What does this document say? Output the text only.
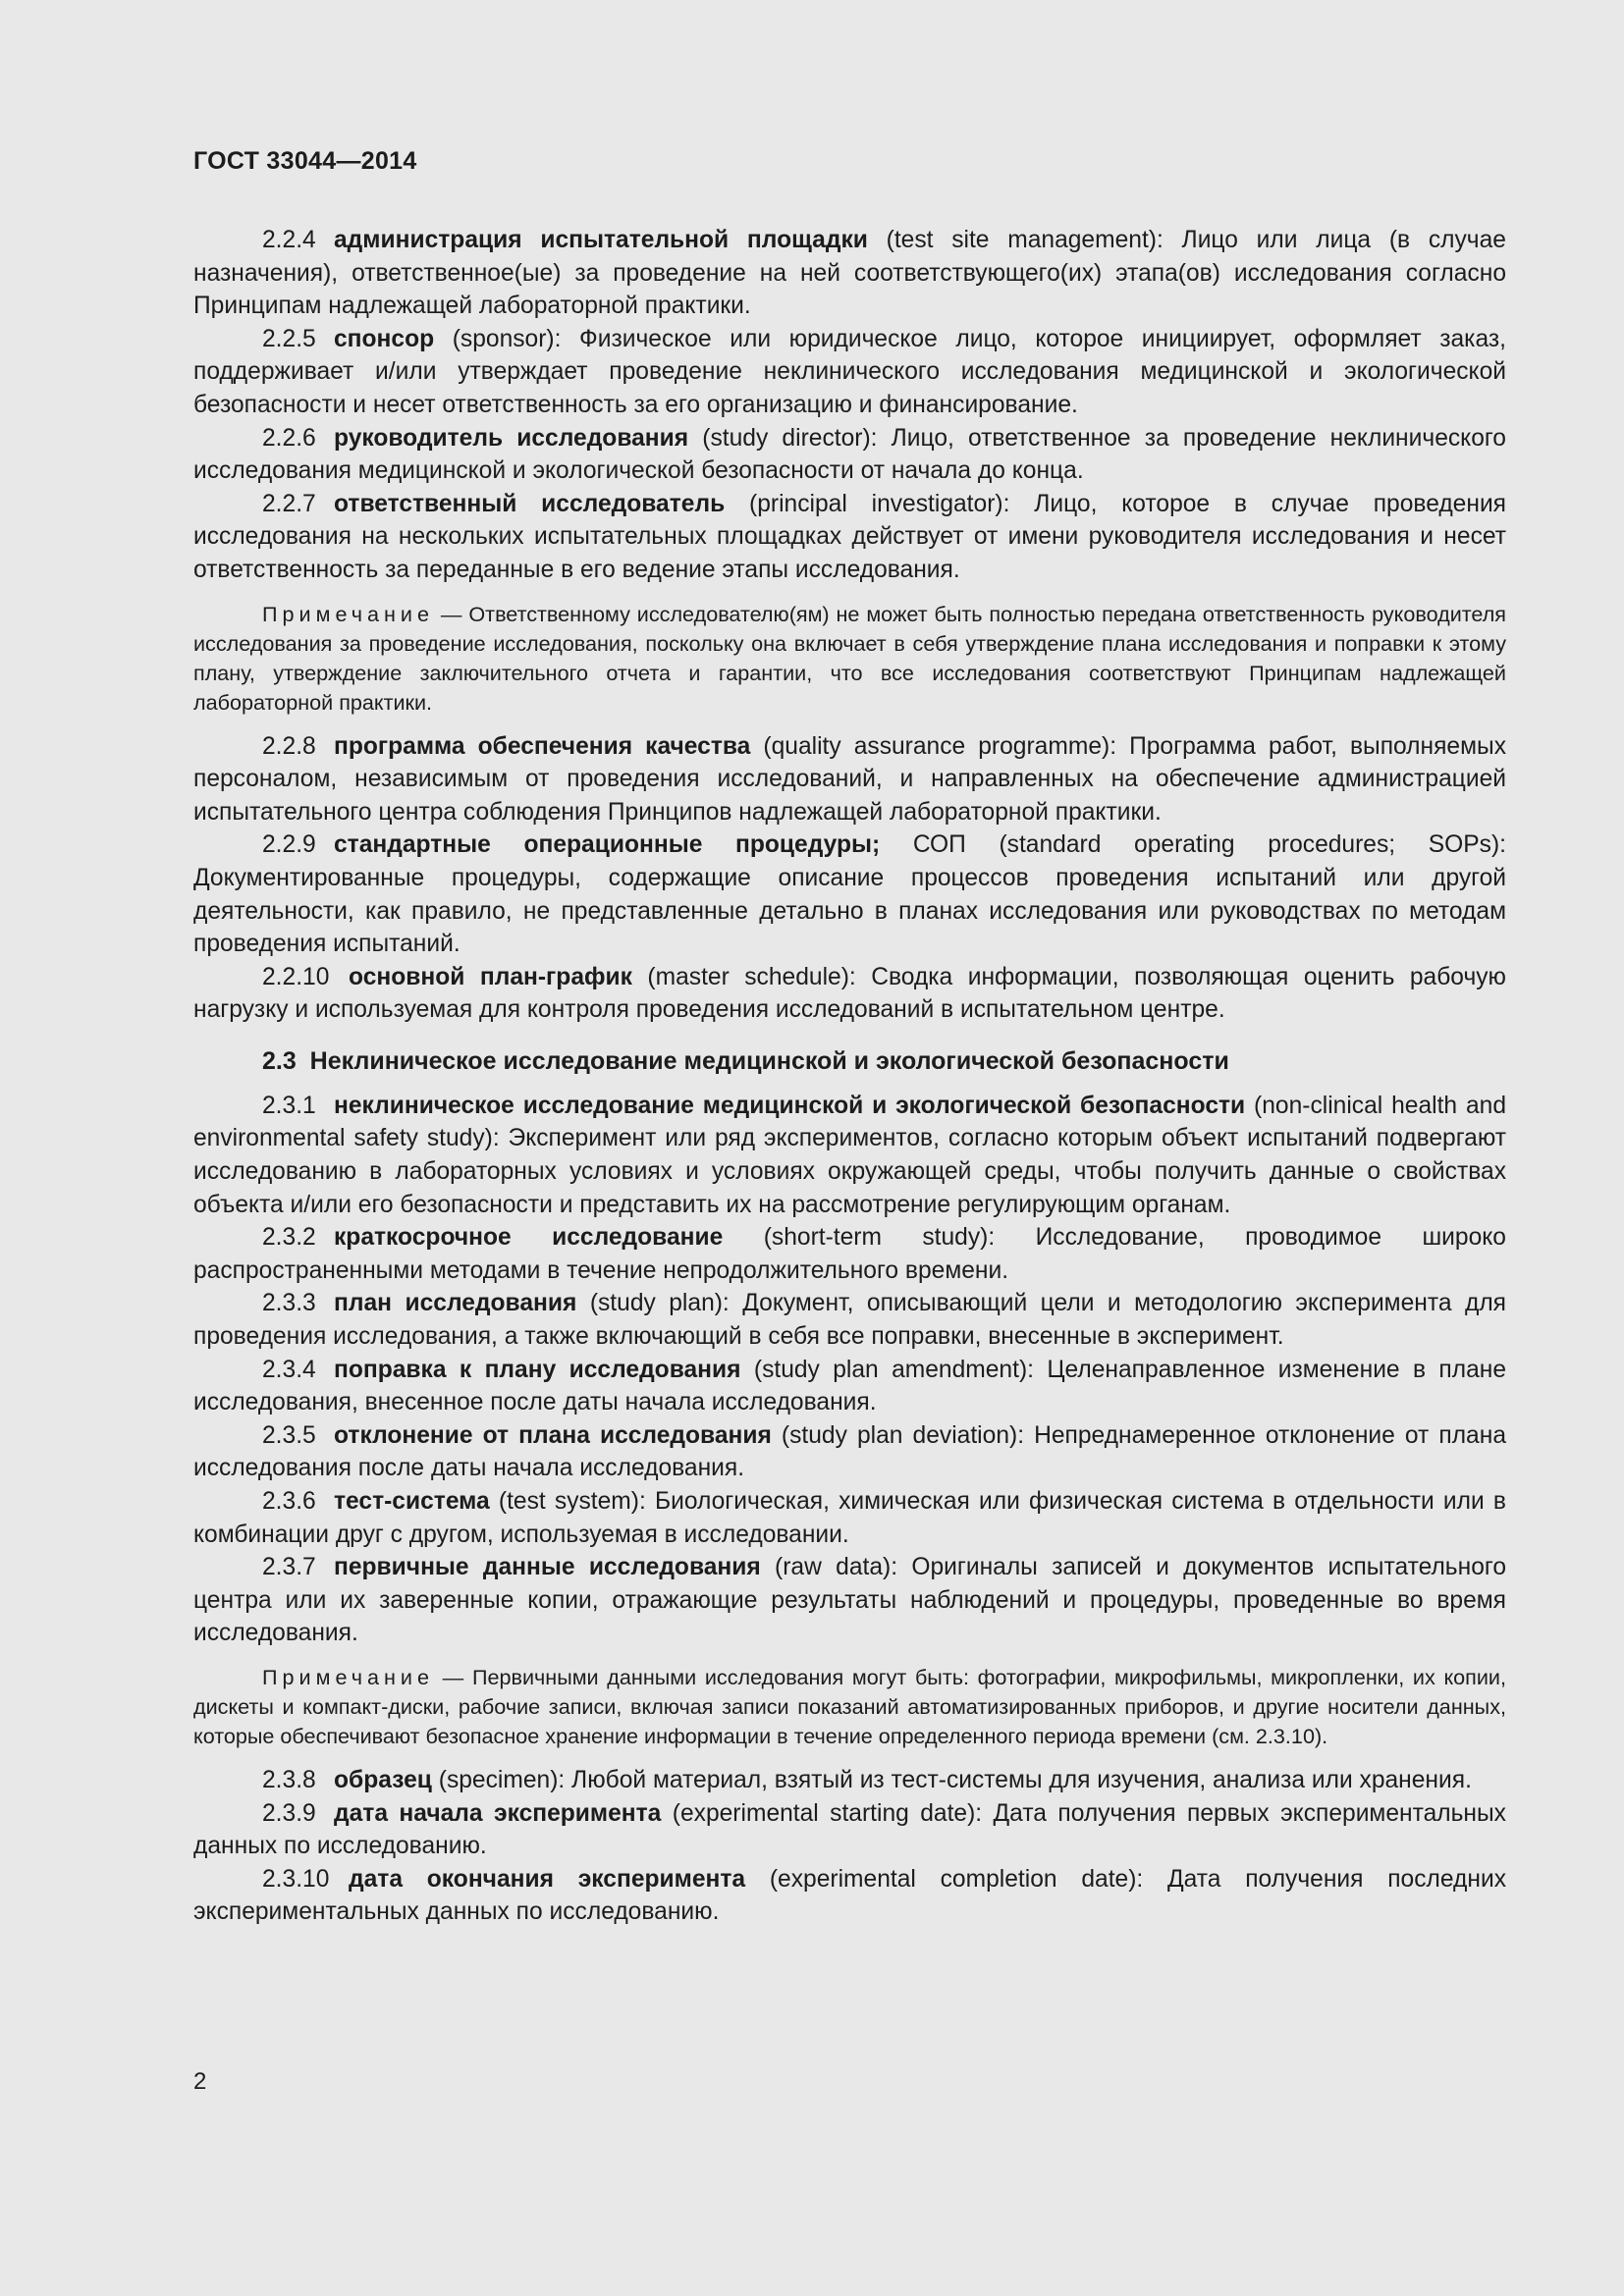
ГОСТ 33044—2014

2.2.4 администрация испытательной площадки (test site management): Лицо или лица (в случае назначения), ответственное(ые) за проведение на ней соответствующего(их) этапа(ов) исследования согласно Принципам надлежащей лабораторной практики.

2.2.5 спонсор (sponsor): Физическое или юридическое лицо, которое инициирует, оформляет заказ, поддерживает и/или утверждает проведение неклинического исследования медицинской и экологической безопасности и несет ответственность за его организацию и финансирование.

2.2.6 руководитель исследования (study director): Лицо, ответственное за проведение неклинического исследования медицинской и экологической безопасности от начала до конца.

2.2.7 ответственный исследователь (principal investigator): Лицо, которое в случае проведения исследования на нескольких испытательных площадках действует от имени руководителя исследования и несет ответственность за переданные в его ведение этапы исследования.

Примечание — Ответственному исследователю(ям) не может быть полностью передана ответственность руководителя исследования за проведение исследования, поскольку она включает в себя утверждение плана исследования и поправки к этому плану, утверждение заключительного отчета и гарантии, что все исследования соответствуют Принципам надлежащей лабораторной практики.

2.2.8 программа обеспечения качества (quality assurance programme): Программа работ, выполняемых персоналом, независимым от проведения исследований, и направленных на обеспечение администрацией испытательного центра соблюдения Принципов надлежащей лабораторной практики.

2.2.9 стандартные операционные процедуры; СОП (standard operating procedures; SOPs): Документированные процедуры, содержащие описание процессов проведения испытаний или другой деятельности, как правило, не представленные детально в планах исследования или руководствах по методам проведения испытаний.

2.2.10 основной план-график (master schedule): Сводка информации, позволяющая оценить рабочую нагрузку и используемая для контроля проведения исследований в испытательном центре.

2.3 Неклиническое исследование медицинской и экологической безопасности

2.3.1 неклиническое исследование медицинской и экологической безопасности (non-clinical health and environmental safety study): Эксперимент или ряд экспериментов, согласно которым объект испытаний подвергают исследованию в лабораторных условиях и условиях окружающей среды, чтобы получить данные о свойствах объекта и/или его безопасности и представить их на рассмотрение регулирующим органам.

2.3.2 краткосрочное исследование (short-term study): Исследование, проводимое широко распространенными методами в течение непродолжительного времени.

2.3.3 план исследования (study plan): Документ, описывающий цели и методологию эксперимента для проведения исследования, а также включающий в себя все поправки, внесенные в эксперимент.

2.3.4 поправка к плану исследования (study plan amendment): Целенаправленное изменение в плане исследования, внесенное после даты начала исследования.

2.3.5 отклонение от плана исследования (study plan deviation): Непреднамеренное отклонение от плана исследования после даты начала исследования.

2.3.6 тест-система (test system): Биологическая, химическая или физическая система в отдельности или в комбинации друг с другом, используемая в исследовании.

2.3.7 первичные данные исследования (raw data): Оригиналы записей и документов испытательного центра или их заверенные копии, отражающие результаты наблюдений и процедуры, проведенные во время исследования.

Примечание — Первичными данными исследования могут быть: фотографии, микрофильмы, микропленки, их копии, дискеты и компакт-диски, рабочие записи, включая записи показаний автоматизированных приборов, и другие носители данных, которые обеспечивают безопасное хранение информации в течение определенного периода времени (см. 2.3.10).

2.3.8 образец (specimen): Любой материал, взятый из тест-системы для изучения, анализа или хранения.

2.3.9 дата начала эксперимента (experimental starting date): Дата получения первых экспериментальных данных по исследованию.

2.3.10 дата окончания эксперимента (experimental completion date): Дата получения последних экспериментальных данных по исследованию.

2
